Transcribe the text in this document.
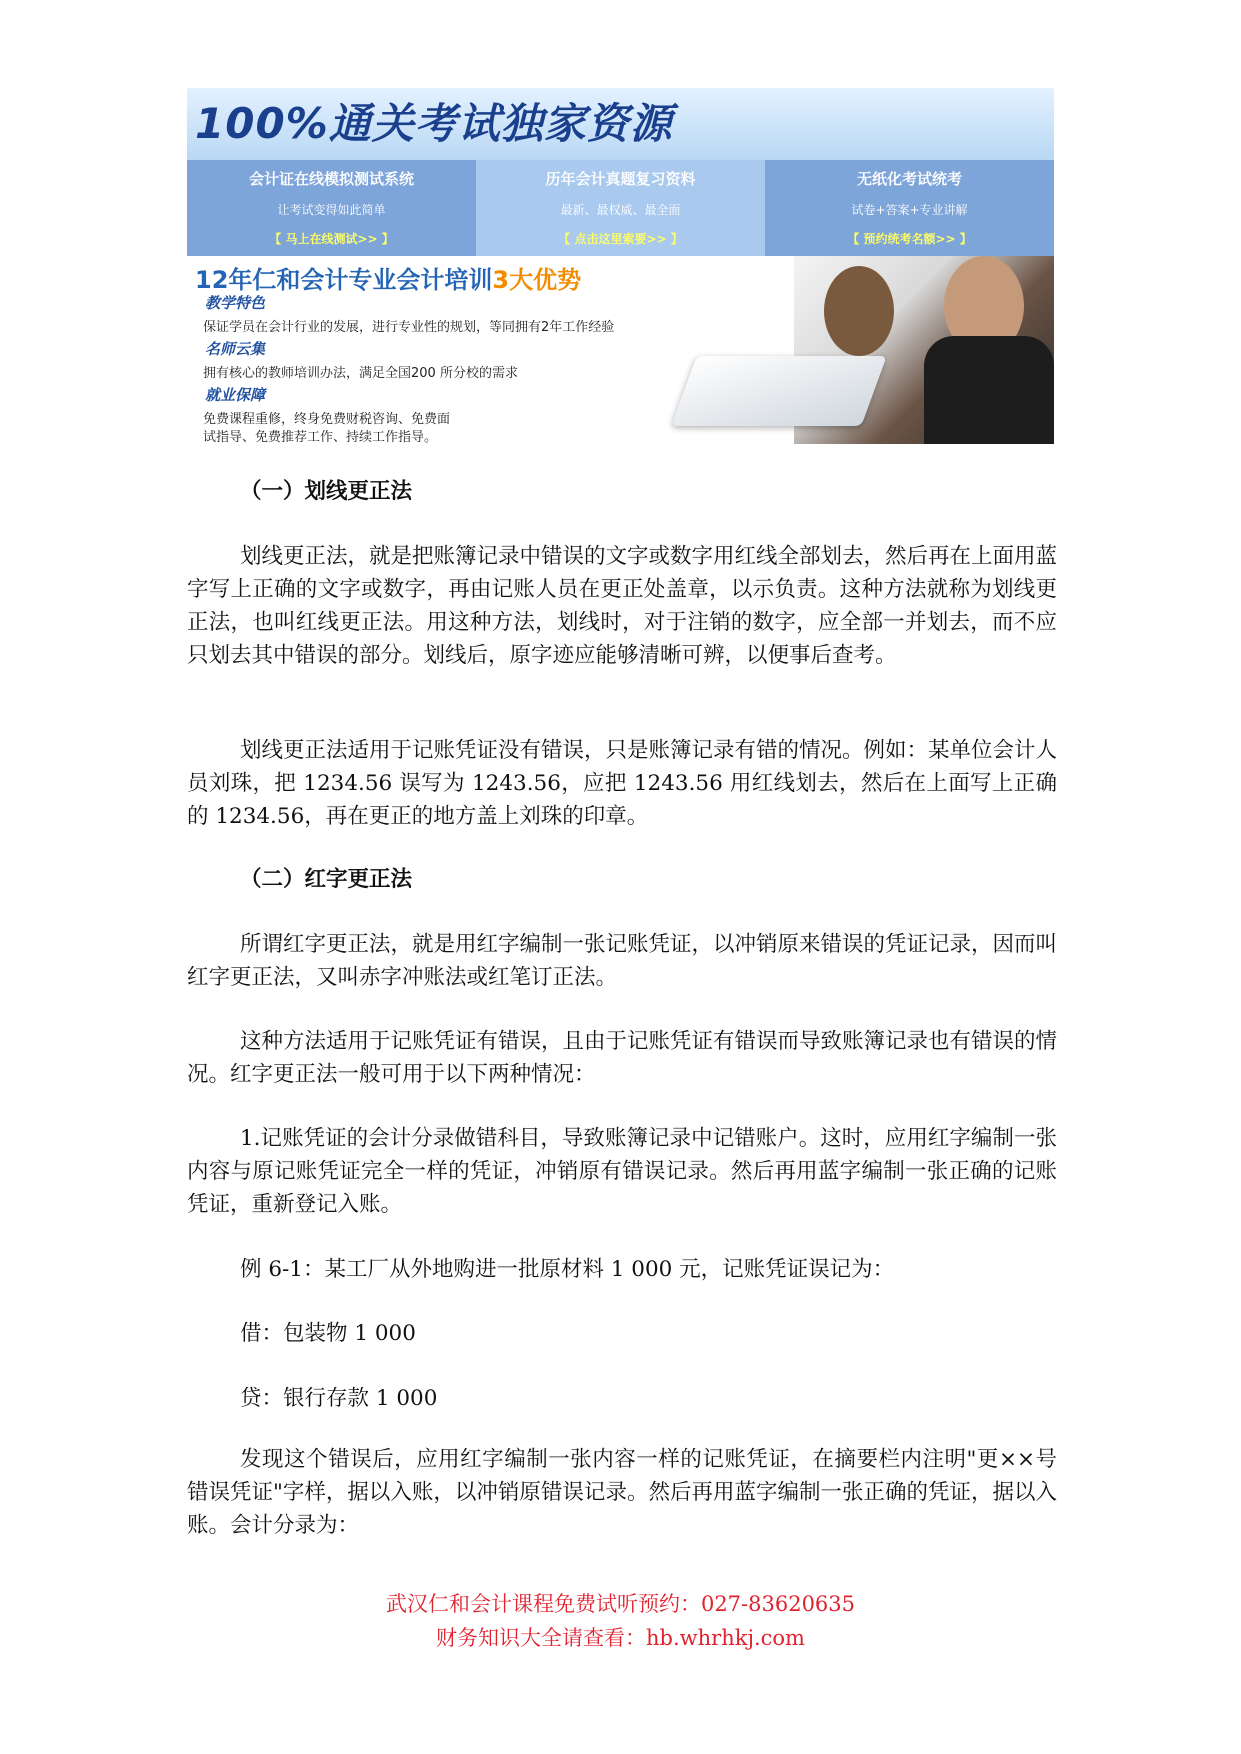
100%通关考试独家资源
会计证在线模拟测试系统
让考试变得如此简单
【 马上在线测试>> 】
历年会计真题复习资料
最新、最权威、最全面
【 点击这里索要>> 】
无纸化考试统考
试卷+答案+专业讲解
【 预约统考名额>> 】
12年仁和会计专业会计培训3大优势
教学特色
保证学员在会计行业的发展，进行专业性的规划，等同拥有2年工作经验
名师云集
拥有核心的教师培训办法，满足全国200 所分校的需求
就业保障
免费课程重修，终身免费财税咨询、免费面
试指导、免费推荐工作、持续工作指导。
（一）划线更正法

划线更正法，就是把账簿记录中错误的文字或数字用红线全部划去，然后再在上面用蓝字写上正确的文字或数字，再由记账人员在更正处盖章，以示负责。这种方法就称为划线更正法，也叫红线更正法。用这种方法，划线时，对于注销的数字，应全部一并划去，而不应只划去其中错误的部分。划线后，原字迹应能够清晰可辨，以便事后查考。

划线更正法适用于记账凭证没有错误，只是账簿记录有错的情况。例如：某单位会计人员刘珠，把 1234.56 误写为 1243.56，应把 1243.56 用红线划去，然后在上面写上正确的 1234.56，再在更正的地方盖上刘珠的印章。

（二）红字更正法

所谓红字更正法，就是用红字编制一张记账凭证，以冲销原来错误的凭证记录，因而叫红字更正法，又叫赤字冲账法或红笔订正法。

这种方法适用于记账凭证有错误，且由于记账凭证有错误而导致账簿记录也有错误的情况。红字更正法一般可用于以下两种情况：

1.记账凭证的会计分录做错科目，导致账簿记录中记错账户。这时，应用红字编制一张内容与原记账凭证完全一样的凭证，冲销原有错误记录。然后再用蓝字编制一张正确的记账凭证，重新登记入账。

例 6-1：某工厂从外地购进一批原材料 1 000 元，记账凭证误记为：
借：包装物 1 000
贷：银行存款 1 000

发现这个错误后，应用红字编制一张内容一样的记账凭证，在摘要栏内注明"更××号错误凭证"字样，据以入账，以冲销原错误记录。然后再用蓝字编制一张正确的凭证，据以入账。会计分录为：

武汉仁和会计课程免费试听预约：027-83620635
财务知识大全请查看：hb.whrhkj.com
